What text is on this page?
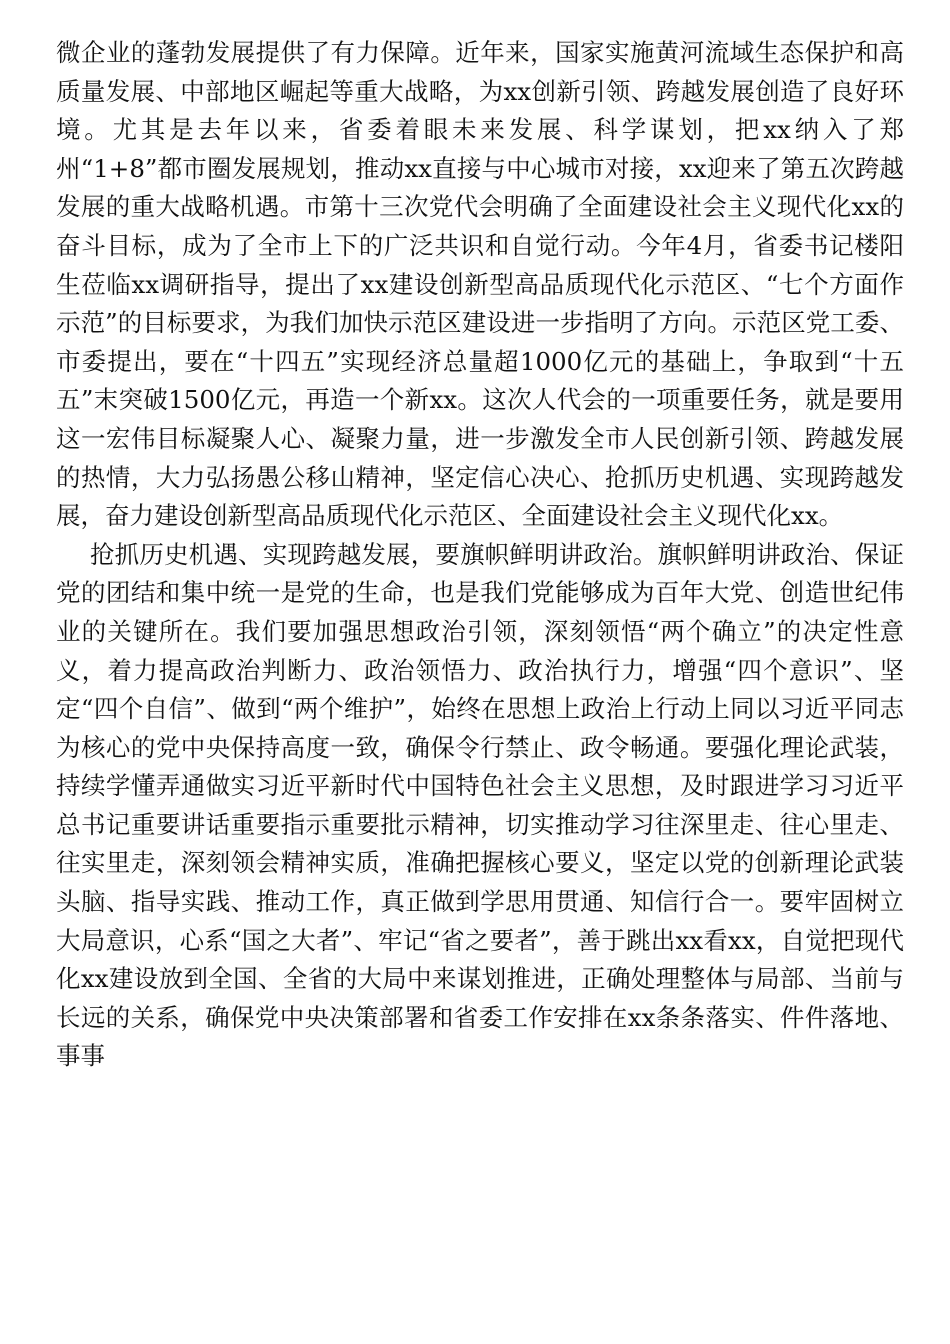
微企业的蓬勃发展提供了有力保障。近年来，国家实施黄河流域生态保护和高质量发展、中部地区崛起等重大战略，为xx创新引领、跨越发展创造了良好环境。尤其是去年以来，省委着眼未来发展、科学谋划，把xx纳入了郑州“1+8”都市圈发展规划，推动xx直接与中心城市对接，xx迎来了第五次跨越发展的重大战略机遇。市第十三次党代会明确了全面建设社会主义现代化xx的奋斗目标，成为了全市上下的广泛共识和自觉行动。今年4月，省委书记楼阳生莅临xx调研指导，提出了xx建设创新型高品质现代化示范区、“七个方面作示范”的目标要求，为我们加快示范区建设进一步指明了方向。示范区党工委、市委提出，要在“十四五”实现经济总量超1000亿元的基础上，争取到“十五五”末突破1500亿元，再造一个新xx。这次人代会的一项重要任务，就是要用这一宏伟目标凝聚人心、凝聚力量，进一步激发全市人民创新引领、跨越发展的热情，大力弘扬愚公移山精神，坚定信心决心、抢抓历史机遇、实现跨越发展，奋力建设创新型高品质现代化示范区、全面建设社会主义现代化xx。

抢抓历史机遇、实现跨越发展，要旗帜鲜明讲政治。旗帜鲜明讲政治、保证党的团结和集中统一是党的生命，也是我们党能够成为百年大党、创造世纪伟业的关键所在。我们要加强思想政治引领，深刻领悟“两个确立”的决定性意义，着力提高政治判断力、政治领悟力、政治执行力，增强“四个意识”、坚定“四个自信”、做到“两个维护”，始终在思想上政治上行动上同以习近平同志为核心的党中央保持高度一致，确保令行禁止、政令畅通。要强化理论武装，持续学懂弄通做实习近平新时代中国特色社会主义思想，及时跟进学习习近平总书记重要讲话重要指示重要批示精神，切实推动学习往深里走、往心里走、往实里走，深刻领会精神实质，准确把握核心要义，坚定以党的创新理论武装头脑、指导实践、推动工作，真正做到学思用贯通、知信行合一。要牢固树立大局意识，心系“国之大者”、牢记“省之要者”，善于跳出xx看xx，自觉把现代化xx建设放到全国、全省的大局中来谋划推进，正确处理整体与局部、当前与长远的关系，确保党中央决策部署和省委工作安排在xx条条落实、件件落地、事事
